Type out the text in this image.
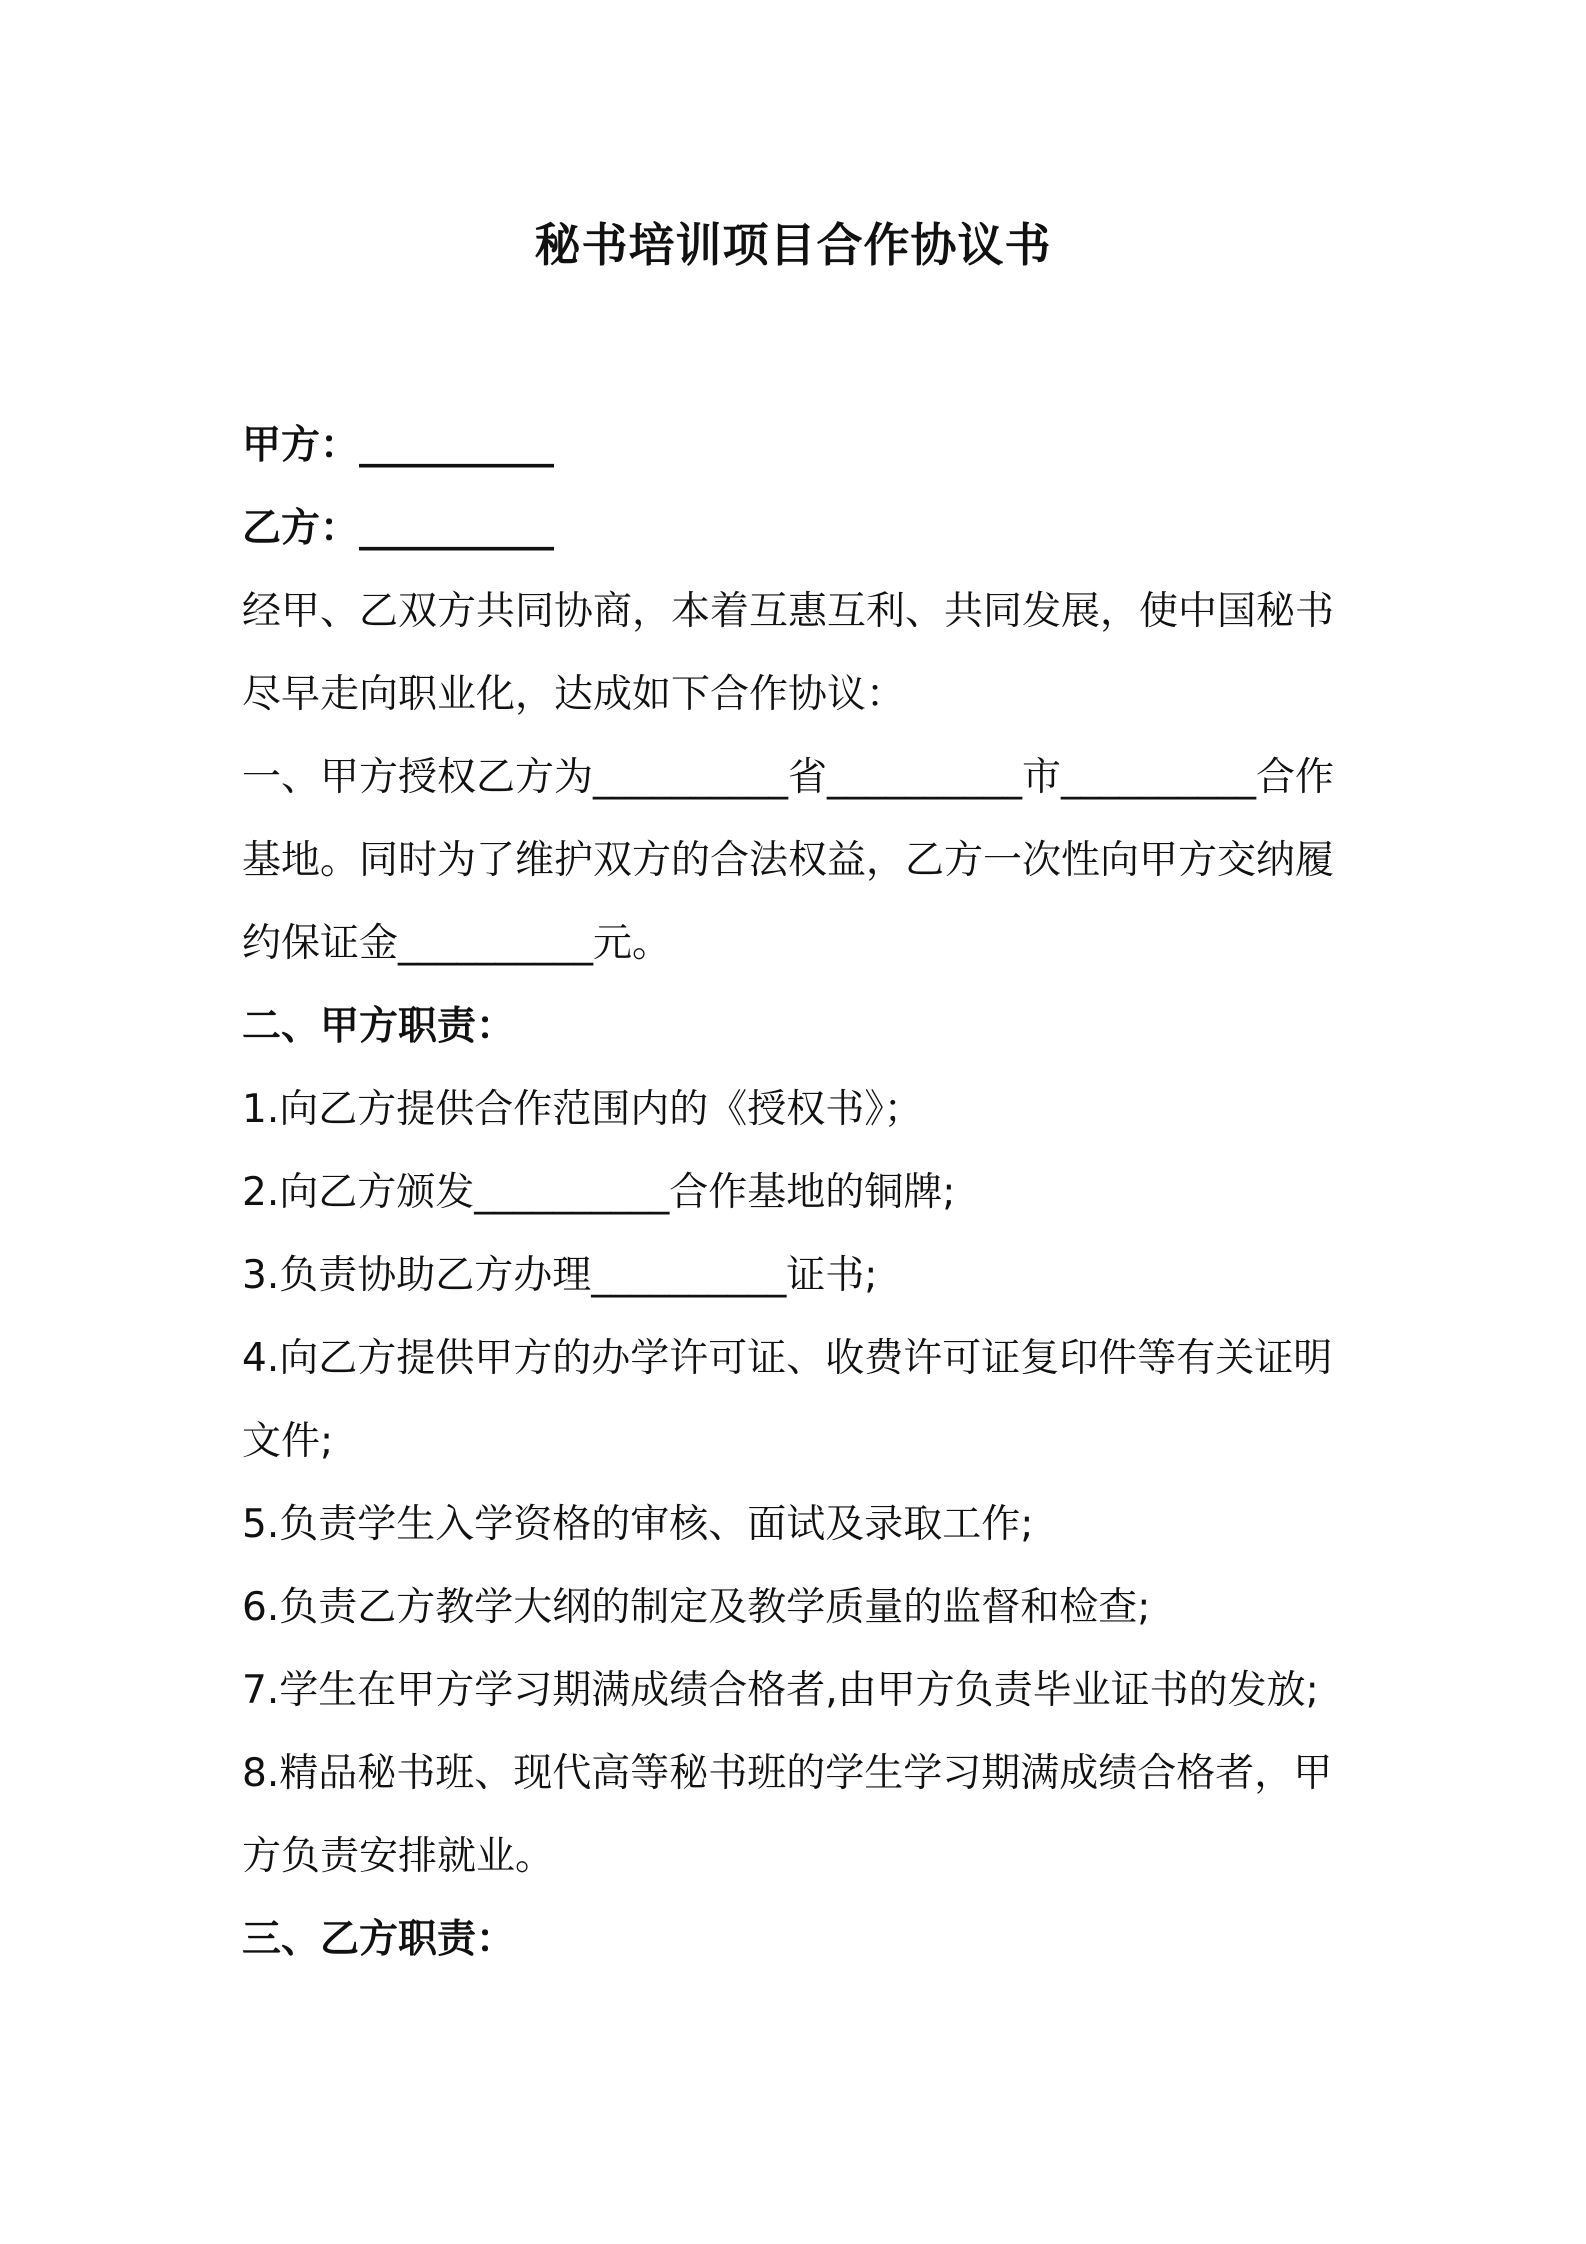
秘书培训项目合作协议书
甲方：__________
乙方：__________
经甲、乙双方共同协商，本着互惠互利、共同发展，使中国秘书
尽早走向职业化，达成如下合作协议：
一、甲方授权乙方为__________省__________市__________合作
基地。同时为了维护双方的合法权益，乙方一次性向甲方交纳履
约保证金__________元。
二、甲方职责：
1.向乙方提供合作范围内的《授权书》；
2.向乙方颁发__________合作基地的铜牌;
3.负责协助乙方办理__________证书;
4.向乙方提供甲方的办学许可证、收费许可证复印件等有关证明
文件;
5.负责学生入学资格的审核、面试及录取工作;
6.负责乙方教学大纲的制定及教学质量的监督和检查;
7.学生在甲方学习期满成绩合格者,由甲方负责毕业证书的发放;
8.精品秘书班、现代高等秘书班的学生学习期满成绩合格者，甲
方负责安排就业。
三、乙方职责：
